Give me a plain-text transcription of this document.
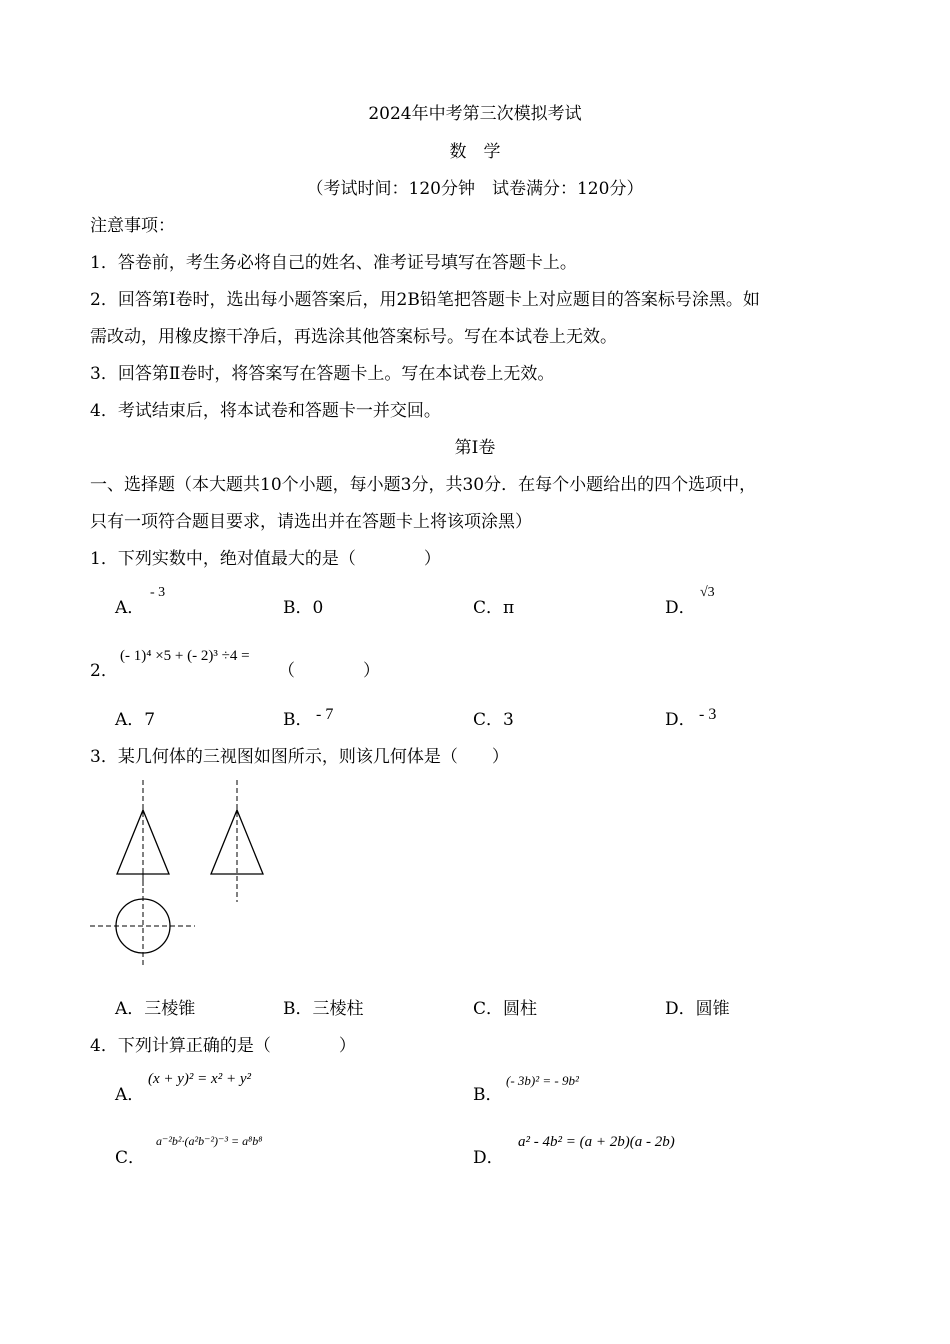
2024年中考第三次模拟考试
数　学
（考试时间：120分钟　试卷满分：120分）
注意事项：
1．答卷前，考生务必将自己的姓名、准考证号填写在答题卡上。
2．回答第Ⅰ卷时，选出每小题答案后，用2B铅笔把答题卡上对应题目的答案标号涂黑。如
需改动，用橡皮擦干净后，再选涂其他答案标号。写在本试卷上无效。
3．回答第Ⅱ卷时，将答案写在答题卡上。写在本试卷上无效。
4．考试结束后，将本试卷和答题卡一并交回。
第Ⅰ卷
一、选择题（本大题共10个小题，每小题3分，共30分．在每个小题给出的四个选项中，
只有一项符合题目要求，请选出并在答题卡上将该项涂黑）
1．下列实数中，绝对值最大的是（　　　　）
A．
- 3
B．0	C．π	D．
√3
2．
(- 1)⁴ ×5 + (- 2)³ ÷4 =
（　　　　）
A．7	B． - 7	C．3	D． - 3
3．某几何体的三视图如图所示，则该几何体是（　　）
A．三棱锥	B．三棱柱	C．圆柱	D．圆锥
4．下列计算正确的是（　　　　）
A．
(x + y)² = x² + y²
B．
(- 3b)² = - 9b²
C．
a⁻²b²·(a²b⁻²)⁻³ = a⁸b⁸
D．
a² - 4b² = (a + 2b)(a - 2b)
